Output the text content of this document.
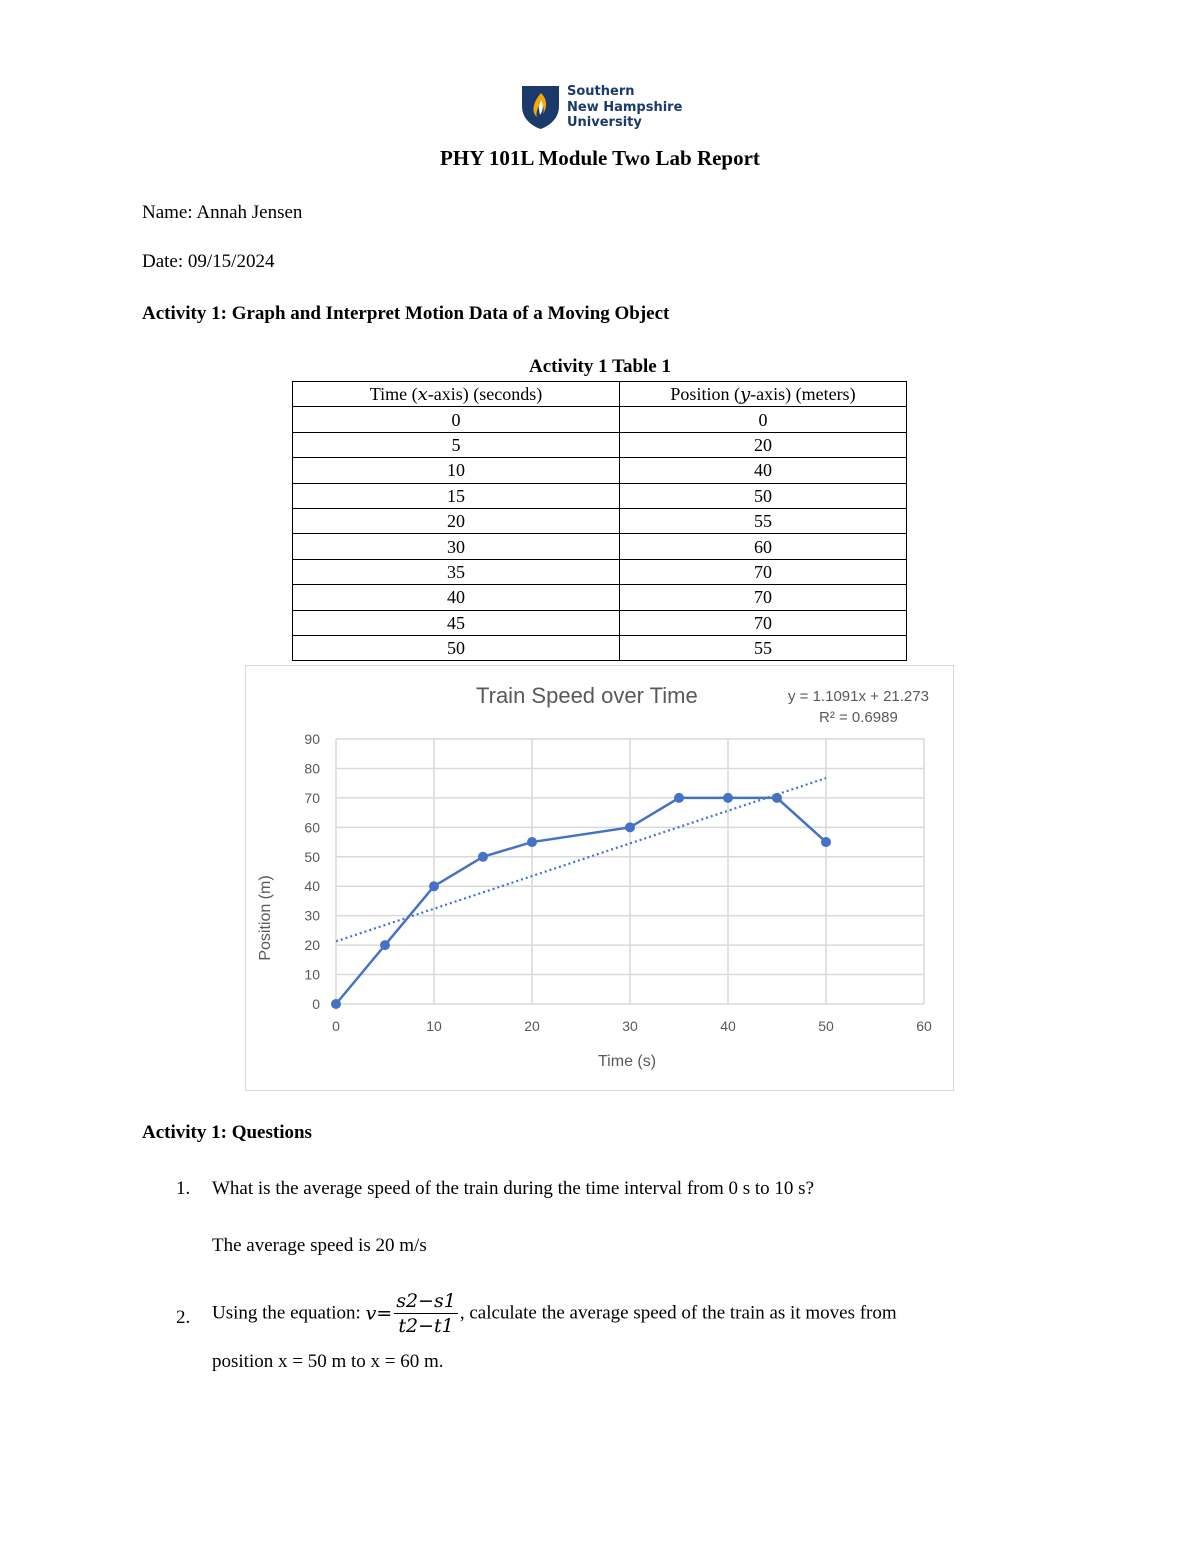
Southern
New Hampshire
University
PHY 101L Module Two Lab Report
Name: Annah Jensen
Date: 09/15/2024
Activity 1: Graph and Interpret Motion Data of a Moving Object
Activity 1 Table 1
Time (x-axis) (seconds)	Position (y-axis) (meters)
0	0
5	20
10	40
15	50
20	55
30	60
35	70
40	70
45	70
50	55
0
10
20
30
40
50
60
70
80
90
0	10	20	30	40	50	60
Train Speed over Time	y = 1.1091x + 21.273
R² = 0.6989
Time (s)
Position (m)
Activity 1: Questions
1. What is the average speed of the train during the time interval from 0 s to 10 s?
The average speed is 20 m/s
2. Using the equation: $v= \frac{s2-s1}{t2-t1}$ , calculate the average speed of the train as it moves from
position x = 50 m to x = 60 m.
